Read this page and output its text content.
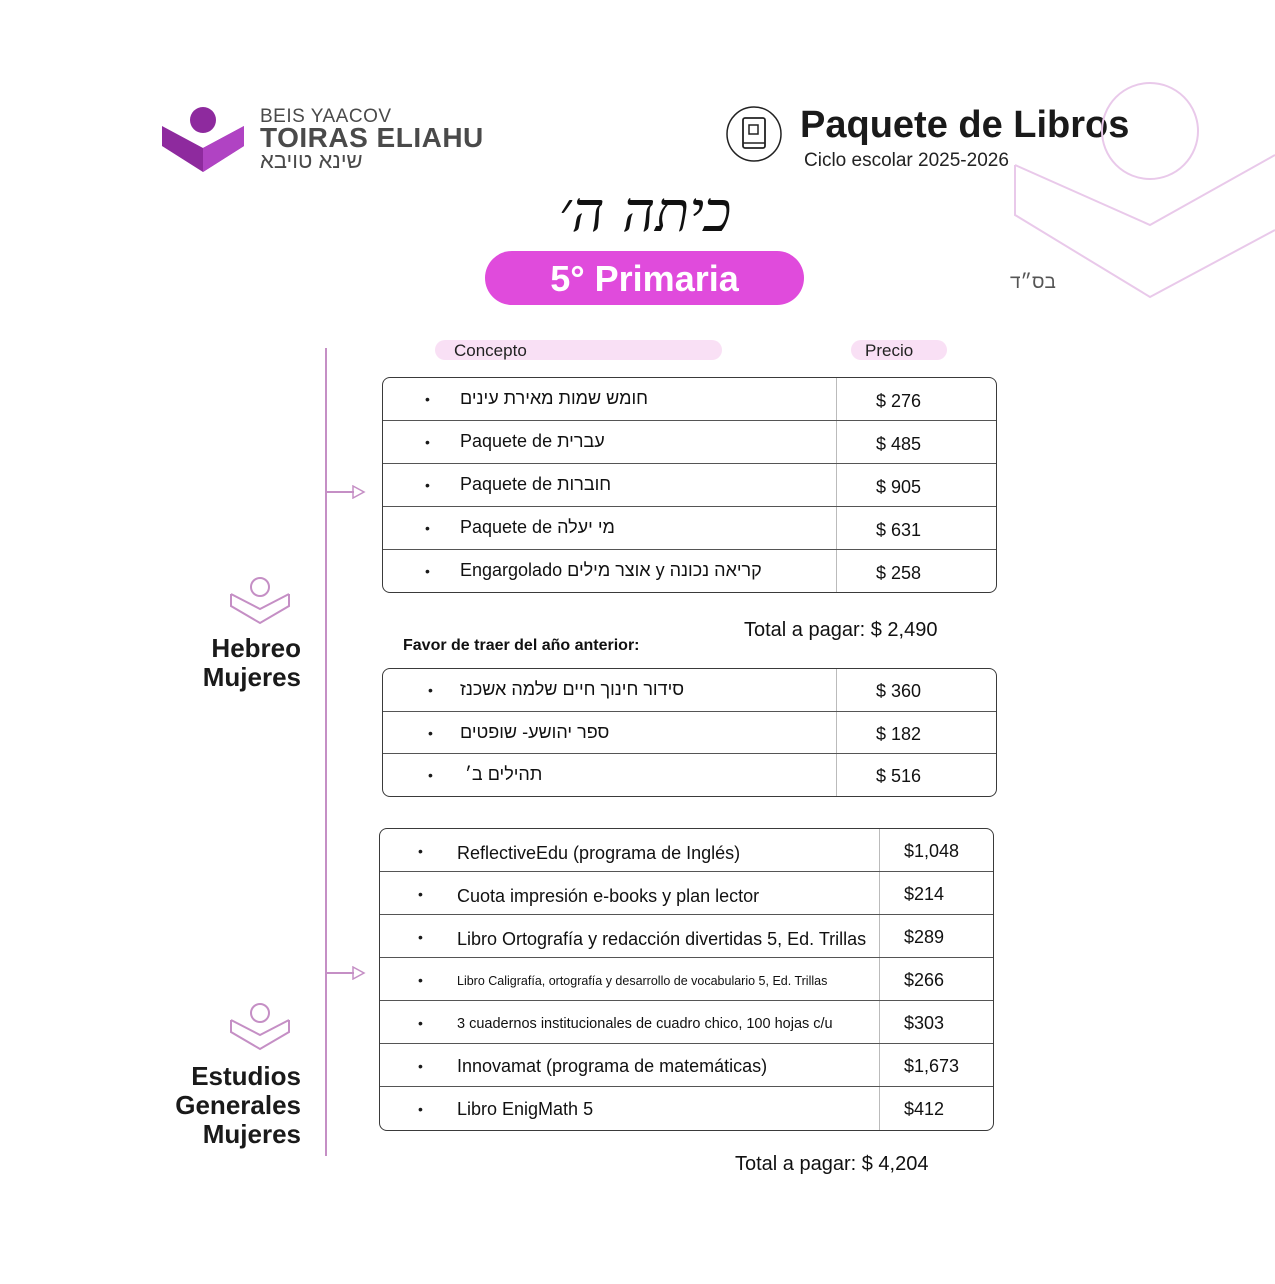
BEIS YAACOV
TOIRAS ELIAHU
שינא טויבא
Paquete de Libros
Ciclo escolar 2025-2026
כיתה ה׳
5° Primaria	בס״ד
Concepto	Precio
Hebreo
Mujeres
• חומש שמות מאירת עינים	$ 276
• Paquete de עברית	$ 485
• Paquete de חוברות	$ 905
• Paquete de מי יעלה	$ 631
• Engargolado אוצר מילים y קריאה נכונה	$ 258
Total a pagar: $ 2,490
Favor de traer del año anterior:
• סידור חינוך חיים שלמה אשכנז	$ 360
• ספר יהושע- שופטים	$ 182
• תהילים ב׳	$ 516
Estudios
Generales
Mujeres
• ReflectiveEdu (programa de Inglés)	$1,048
• Cuota impresión e-books y plan lector	$214
• Libro Ortografía y redacción divertidas 5, Ed. Trillas $289
•	Libro Caligrafía, ortografía y desarrollo de vocabulario 5, Ed. Trillas	$266
• 3 cuadernos institucionales de cuadro chico, 100 hojas c/u	$303
• Innovamat (programa de matemáticas)	$1,673
• Libro EnigMath 5	$412
Total a pagar: $ 4,204
